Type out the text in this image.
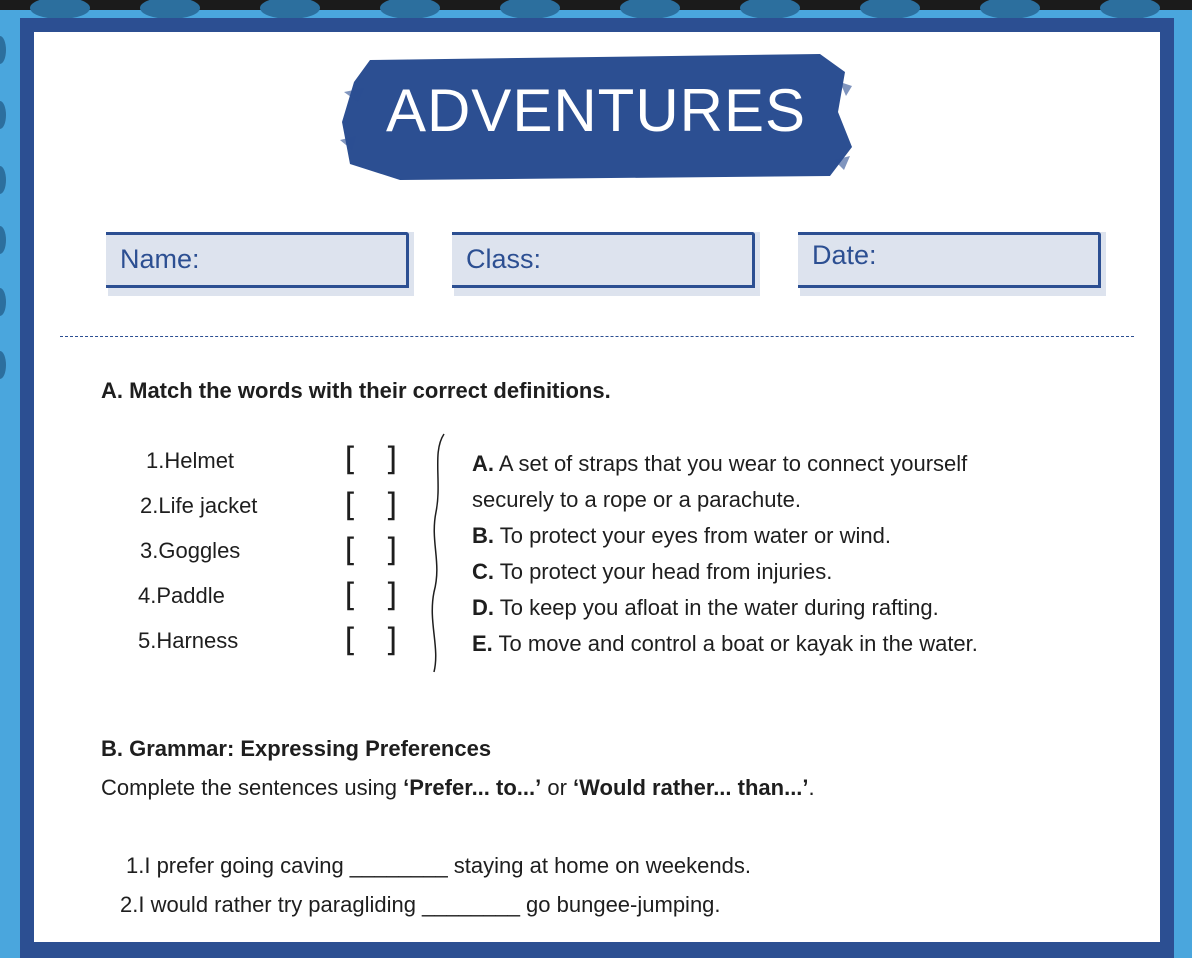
ADVENTURES
Name:	Class:	Date:
A. Match the words with their correct definitions.
1.Helmet
2.Life jacket
3.Goggles
4.Paddle
5.Harness
[ ]
[ ]
[ ]
[ ]
[ ]
A. A set of straps that you wear to connect yourself
securely to a rope or a parachute.
B. To protect your eyes from water or wind.
C. To protect your head from injuries.
D. To keep you afloat in the water during rafting.
E. To move and control a boat or kayak in the water.
B. Grammar: Expressing Preferences
Complete the sentences using ‘Prefer... to...’ or ‘Would rather... than...’.
1.I prefer going caving ________ staying at home on weekends.
2.I would rather try paragliding ________ go bungee-jumping.
